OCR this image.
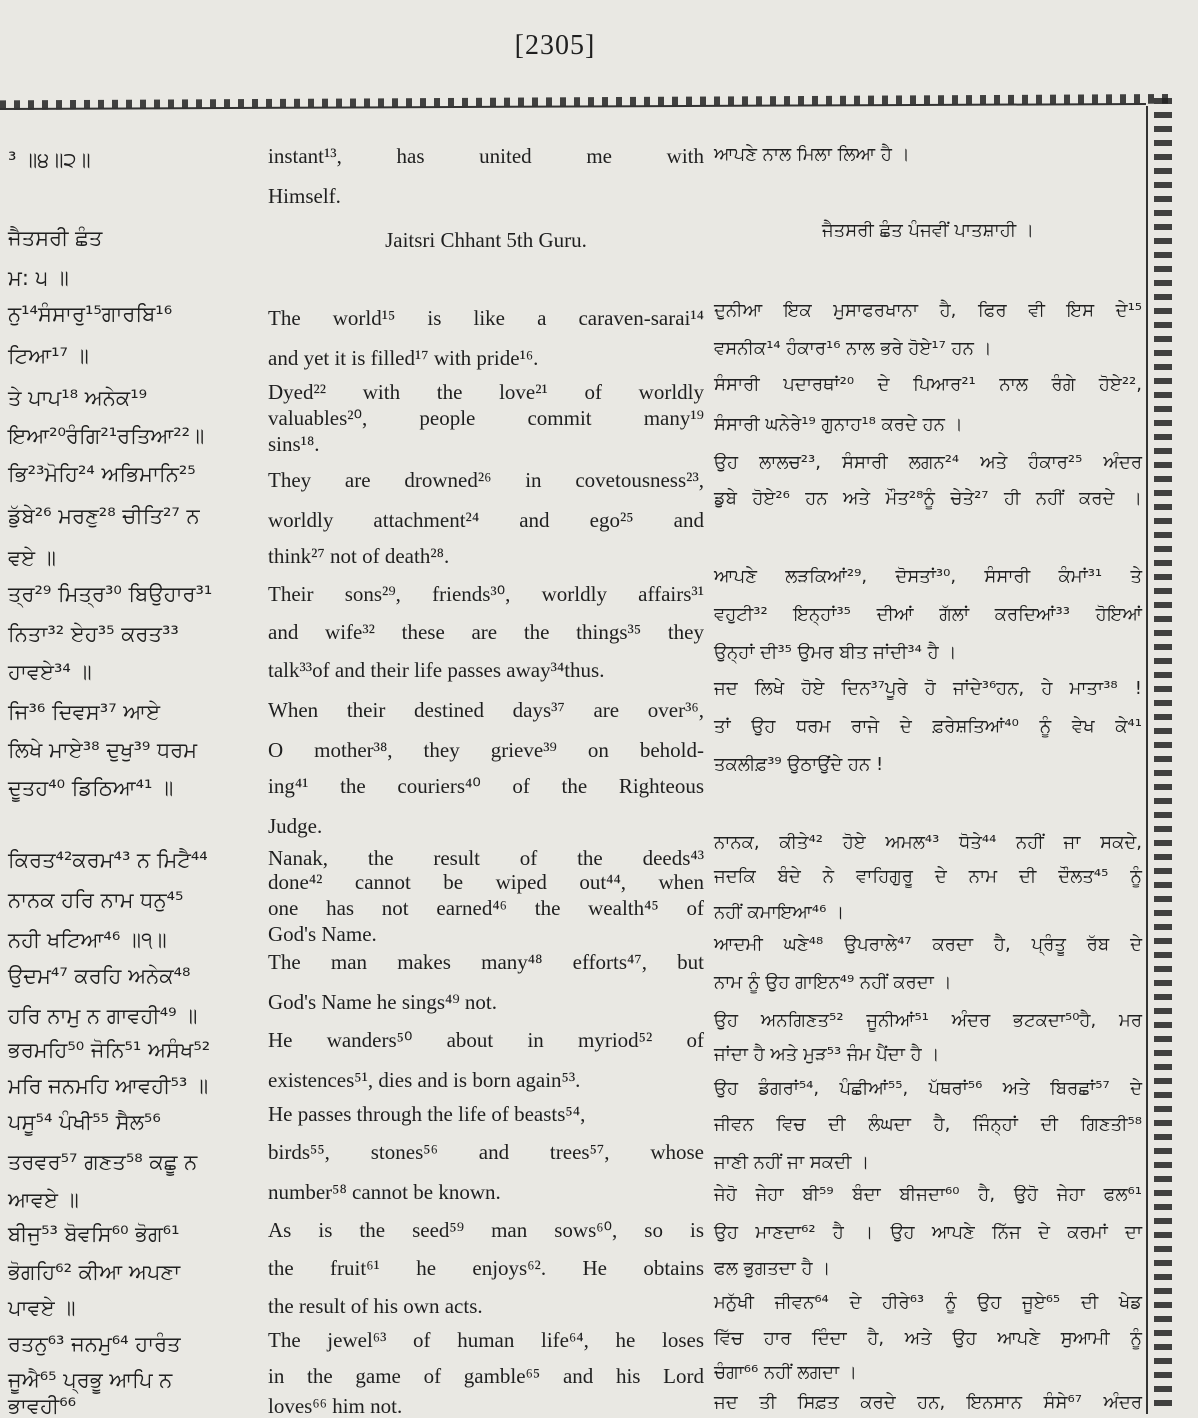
[2305]
³ ॥੪॥੨॥
ਜੈਤਸਰੀ ਛੰਤ
ਮ: ੫ ॥
ਨੁ¹⁴ਸੰਸਾਰੁ¹⁵ਗਾਰਬਿ¹⁶
ਟਿਆ¹⁷ ॥
ਤੇ ਪਾਪ¹⁸ ਅਨੇਕ¹⁹
ਇਆ²⁰ਰੰਗਿ²¹ਰਤਿਆ²²॥
ਭਿ²³ਮੋਹਿ²⁴ ਅਭਿਮਾਨਿ²⁵
ਡੁੱਬੇ²⁶ ਮਰਣੁ²⁸ ਚੀਤਿ²⁷ ਨ
ਵਏ ॥
ਤ੍ਰ²⁹ ਮਿਤ੍ਰ³⁰ ਬਿਉਹਾਰ³¹
ਨਿਤਾ³² ਏਹ³⁵ ਕਰਤ³³
ਹਾਵਏ³⁴ ॥
ਜਿ³⁶ ਦਿਵਸ³⁷ ਆਏ
ਲਿਖੇ ਮਾਏ³⁸ ਦੁਖੁ³⁹ ਧਰਮ
ਦੂਤਹ⁴⁰ ਡਿਠਿਆ⁴¹ ॥
ਕਿਰਤ⁴²ਕਰਮ⁴³ ਨ ਮਿਟੈ⁴⁴
ਨਾਨਕ ਹਰਿ ਨਾਮ ਧਨੁ⁴⁵
ਨਹੀ ਖਟਿਆ⁴⁶ ॥੧॥
ਉਦਮ⁴⁷ ਕਰਹਿ ਅਨੇਕ⁴⁸
ਹਰਿ ਨਾਮੁ ਨ ਗਾਵਹੀ⁴⁹ ॥
ਭਰਮਹਿ⁵⁰ ਜੋਨਿ⁵¹ ਅਸੰਖ⁵²
ਮਰਿ ਜਨਮਹਿ ਆਵਹੀ⁵³ ॥
ਪਸੂ⁵⁴ ਪੰਖੀ⁵⁵ ਸੈਲ⁵⁶
ਤਰਵਰ⁵⁷ ਗਣਤ⁵⁸ ਕਛੂ ਨ
ਆਵਏ ॥
ਬੀਜੁ⁵³ ਬੋਵਸਿ⁶⁰ ਭੋਗ⁶¹
ਭੋਗਹਿ⁶² ਕੀਆ ਅਪਣਾ
ਪਾਵਏ ॥
ਰਤਨੁ⁶³ ਜਨਮੁ⁶⁴ ਹਾਰੰਤ
ਜੂਐ⁶⁵ ਪ੍ਰਭੂ ਆਪਿ ਨ
ਭਾਵਹੀ⁶⁶
instant¹³, has united me with
Himself.
Jaitsri Chhant 5th Guru.
The world¹⁵ is like a caraven-sarai¹⁴
and yet it is filled¹⁷ with pride¹⁶.
Dyed²² with the love²¹ of worldly
valuables²⁰, people commit many¹⁹
sins¹⁸.
They are drowned²⁶ in covetousness²³,
worldly attachment²⁴ and ego²⁵ and
think²⁷ not of death²⁸.
Their sons²⁹, friends³⁰, worldly affairs³¹
and wife³² these are the things³⁵ they
talk³³of and their life passes away³⁴thus.
When their destined days³⁷ are over³⁶,
O mother³⁸, they grieve³⁹ on behold-
ing⁴¹ the couriers⁴⁰ of the Righteous
Judge.
Nanak, the result of the deeds⁴³
done⁴² cannot be wiped out⁴⁴, when
one has not earned⁴⁶ the wealth⁴⁵ of
God's Name.
The man makes many⁴⁸ efforts⁴⁷, but
God's Name he sings⁴⁹ not.
He wanders⁵⁰ about in myriod⁵² of
existences⁵¹, dies and is born again⁵³.
He passes through the life of beasts⁵⁴,
birds⁵⁵, stones⁵⁶ and trees⁵⁷, whose
number⁵⁸ cannot be known.
As is the seed⁵⁹ man sows⁶⁰, so is
the fruit⁶¹ he enjoys⁶². He obtains
the result of his own acts.
The jewel⁶³ of human life⁶⁴, he loses
in the game of gamble⁶⁵ and his Lord
loves⁶⁶ him not.
ਆਪਣੇ ਨਾਲ ਮਿਲਾ ਲਿਆ ਹੈ ।
ਜੈਤਸਰੀ ਛੰਤ ਪੰਜਵੀਂ ਪਾਤਸ਼ਾਹੀ ।
ਦੁਨੀਆ ਇਕ ਮੁਸਾਫਰਖਾਨਾ ਹੈ, ਫਿਰ ਵੀ ਇਸ ਦੇ¹⁵
ਵਸਨੀਕ¹⁴ ਹੰਕਾਰ¹⁶ ਨਾਲ ਭਰੇ ਹੋਏ¹⁷ ਹਨ ।
ਸੰਸਾਰੀ ਪਦਾਰਥਾਂ²⁰ ਦੇ ਪਿਆਰ²¹ ਨਾਲ ਰੰਗੇ ਹੋਏ²²,
ਸੰਸਾਰੀ ਘਨੇਰੇ¹⁹ ਗੁਨਾਹ¹⁸ ਕਰਦੇ ਹਨ ।
ਉਹ ਲਾਲਚ²³, ਸੰਸਾਰੀ ਲਗਨ²⁴ ਅਤੇ ਹੰਕਾਰ²⁵ ਅੰਦਰ
ਡੁਬੇ ਹੋਏ²⁶ ਹਨ ਅਤੇ ਮੌਤ²⁸ਨੂੰ ਚੇਤੇ²⁷ ਹੀ ਨਹੀਂ ਕਰਦੇ ।
ਆਪਣੇ ਲੜਕਿਆਂ²⁹, ਦੋਸਤਾਂ³⁰, ਸੰਸਾਰੀ ਕੰਮਾਂ³¹ ਤੇ
ਵਹੁਟੀ³² ਇਨ੍ਹਾਂ³⁵ ਦੀਆਂ ਗੱਲਾਂ ਕਰਦਿਆਂ³³ ਹੋਇਆਂ
ਉਨ੍ਹਾਂ ਦੀ³⁵ ਉਮਰ ਬੀਤ ਜਾਂਦੀ³⁴ ਹੈ ।
ਜਦ ਲਿਖੇ ਹੋਏ ਦਿਨ³⁷ਪੂਰੇ ਹੋ ਜਾਂਦੇ³⁶ਹਨ, ਹੇ ਮਾਤਾ³⁸ !
ਤਾਂ ਉਹ ਧਰਮ ਰਾਜੇ ਦੇ ਫ਼ਰੇਸ਼ਤਿਆਂ⁴⁰ ਨੂੰ ਵੇਖ ਕੇ⁴¹
ਤਕਲੀਫ਼³⁹ ਉਠਾਉਂਦੇ ਹਨ !
ਨਾਨਕ, ਕੀਤੇ⁴² ਹੋਏ ਅਮਲ⁴³ ਧੋਤੇ⁴⁴ ਨਹੀਂ ਜਾ ਸਕਦੇ,
ਜਦਕਿ ਬੰਦੇ ਨੇ ਵਾਹਿਗੁਰੂ ਦੇ ਨਾਮ ਦੀ ਦੌਲਤ⁴⁵ ਨੂੰ
ਨਹੀਂ ਕਮਾਇਆ⁴⁶ ।
ਆਦਮੀ ਘਣੇ⁴⁸ ਉਪਰਾਲੇ⁴⁷ ਕਰਦਾ ਹੈ, ਪ੍ਰੰਤੂ ਰੱਬ ਦੇ
ਨਾਮ ਨੂੰ ਉਹ ਗਾਇਨ⁴⁹ ਨਹੀਂ ਕਰਦਾ ।
ਉਹ ਅਨਗਿਣਤ⁵² ਜੂਨੀਆਂ⁵¹ ਅੰਦਰ ਭਟਕਦਾ⁵⁰ਹੈ, ਮਰ
ਜਾਂਦਾ ਹੈ ਅਤੇ ਮੁੜ⁵³ ਜੰਮ ਪੈਂਦਾ ਹੈ ।
ਉਹ ਡੰਗਰਾਂ⁵⁴, ਪੰਛੀਆਂ⁵⁵, ਪੱਥਰਾਂ⁵⁶ ਅਤੇ ਬਿਰਛਾਂ⁵⁷ ਦੇ
ਜੀਵਨ ਵਿਚ ਦੀ ਲੰਘਦਾ ਹੈ, ਜਿੰਨ੍ਹਾਂ ਦੀ ਗਿਣਤੀ⁵⁸
ਜਾਣੀ ਨਹੀਂ ਜਾ ਸਕਦੀ ।
ਜੇਹੋ ਜੇਹਾ ਬੀ⁵⁹ ਬੰਦਾ ਬੀਜਦਾ⁶⁰ ਹੈ, ਉਹੋ ਜੇਹਾ ਫਲ⁶¹
ਉਹ ਮਾਣਦਾ⁶² ਹੈ । ਉਹ ਆਪਣੇ ਨਿੱਜ ਦੇ ਕਰਮਾਂ ਦਾ
ਫਲ ਭੁਗਤਦਾ ਹੈ ।
ਮਨੁੱਖੀ ਜੀਵਨ⁶⁴ ਦੇ ਹੀਰੇ⁶³ ਨੂੰ ਉਹ ਜੂਏ⁶⁵ ਦੀ ਖੇਡ
ਵਿੱਚ ਹਾਰ ਦਿੰਦਾ ਹੈ, ਅਤੇ ਉਹ ਆਪਣੇ ਸੁਆਮੀ ਨੂੰ
ਚੰਗਾ⁶⁶ ਨਹੀਂ ਲਗਦਾ ।
ਜਦ ਤੀ ਸਿਫ਼ਤ ਕਰਦੇ ਹਨ, ਇਨਸਾਨ ਸੰਸੇ⁶⁷ ਅੰਦਰ
